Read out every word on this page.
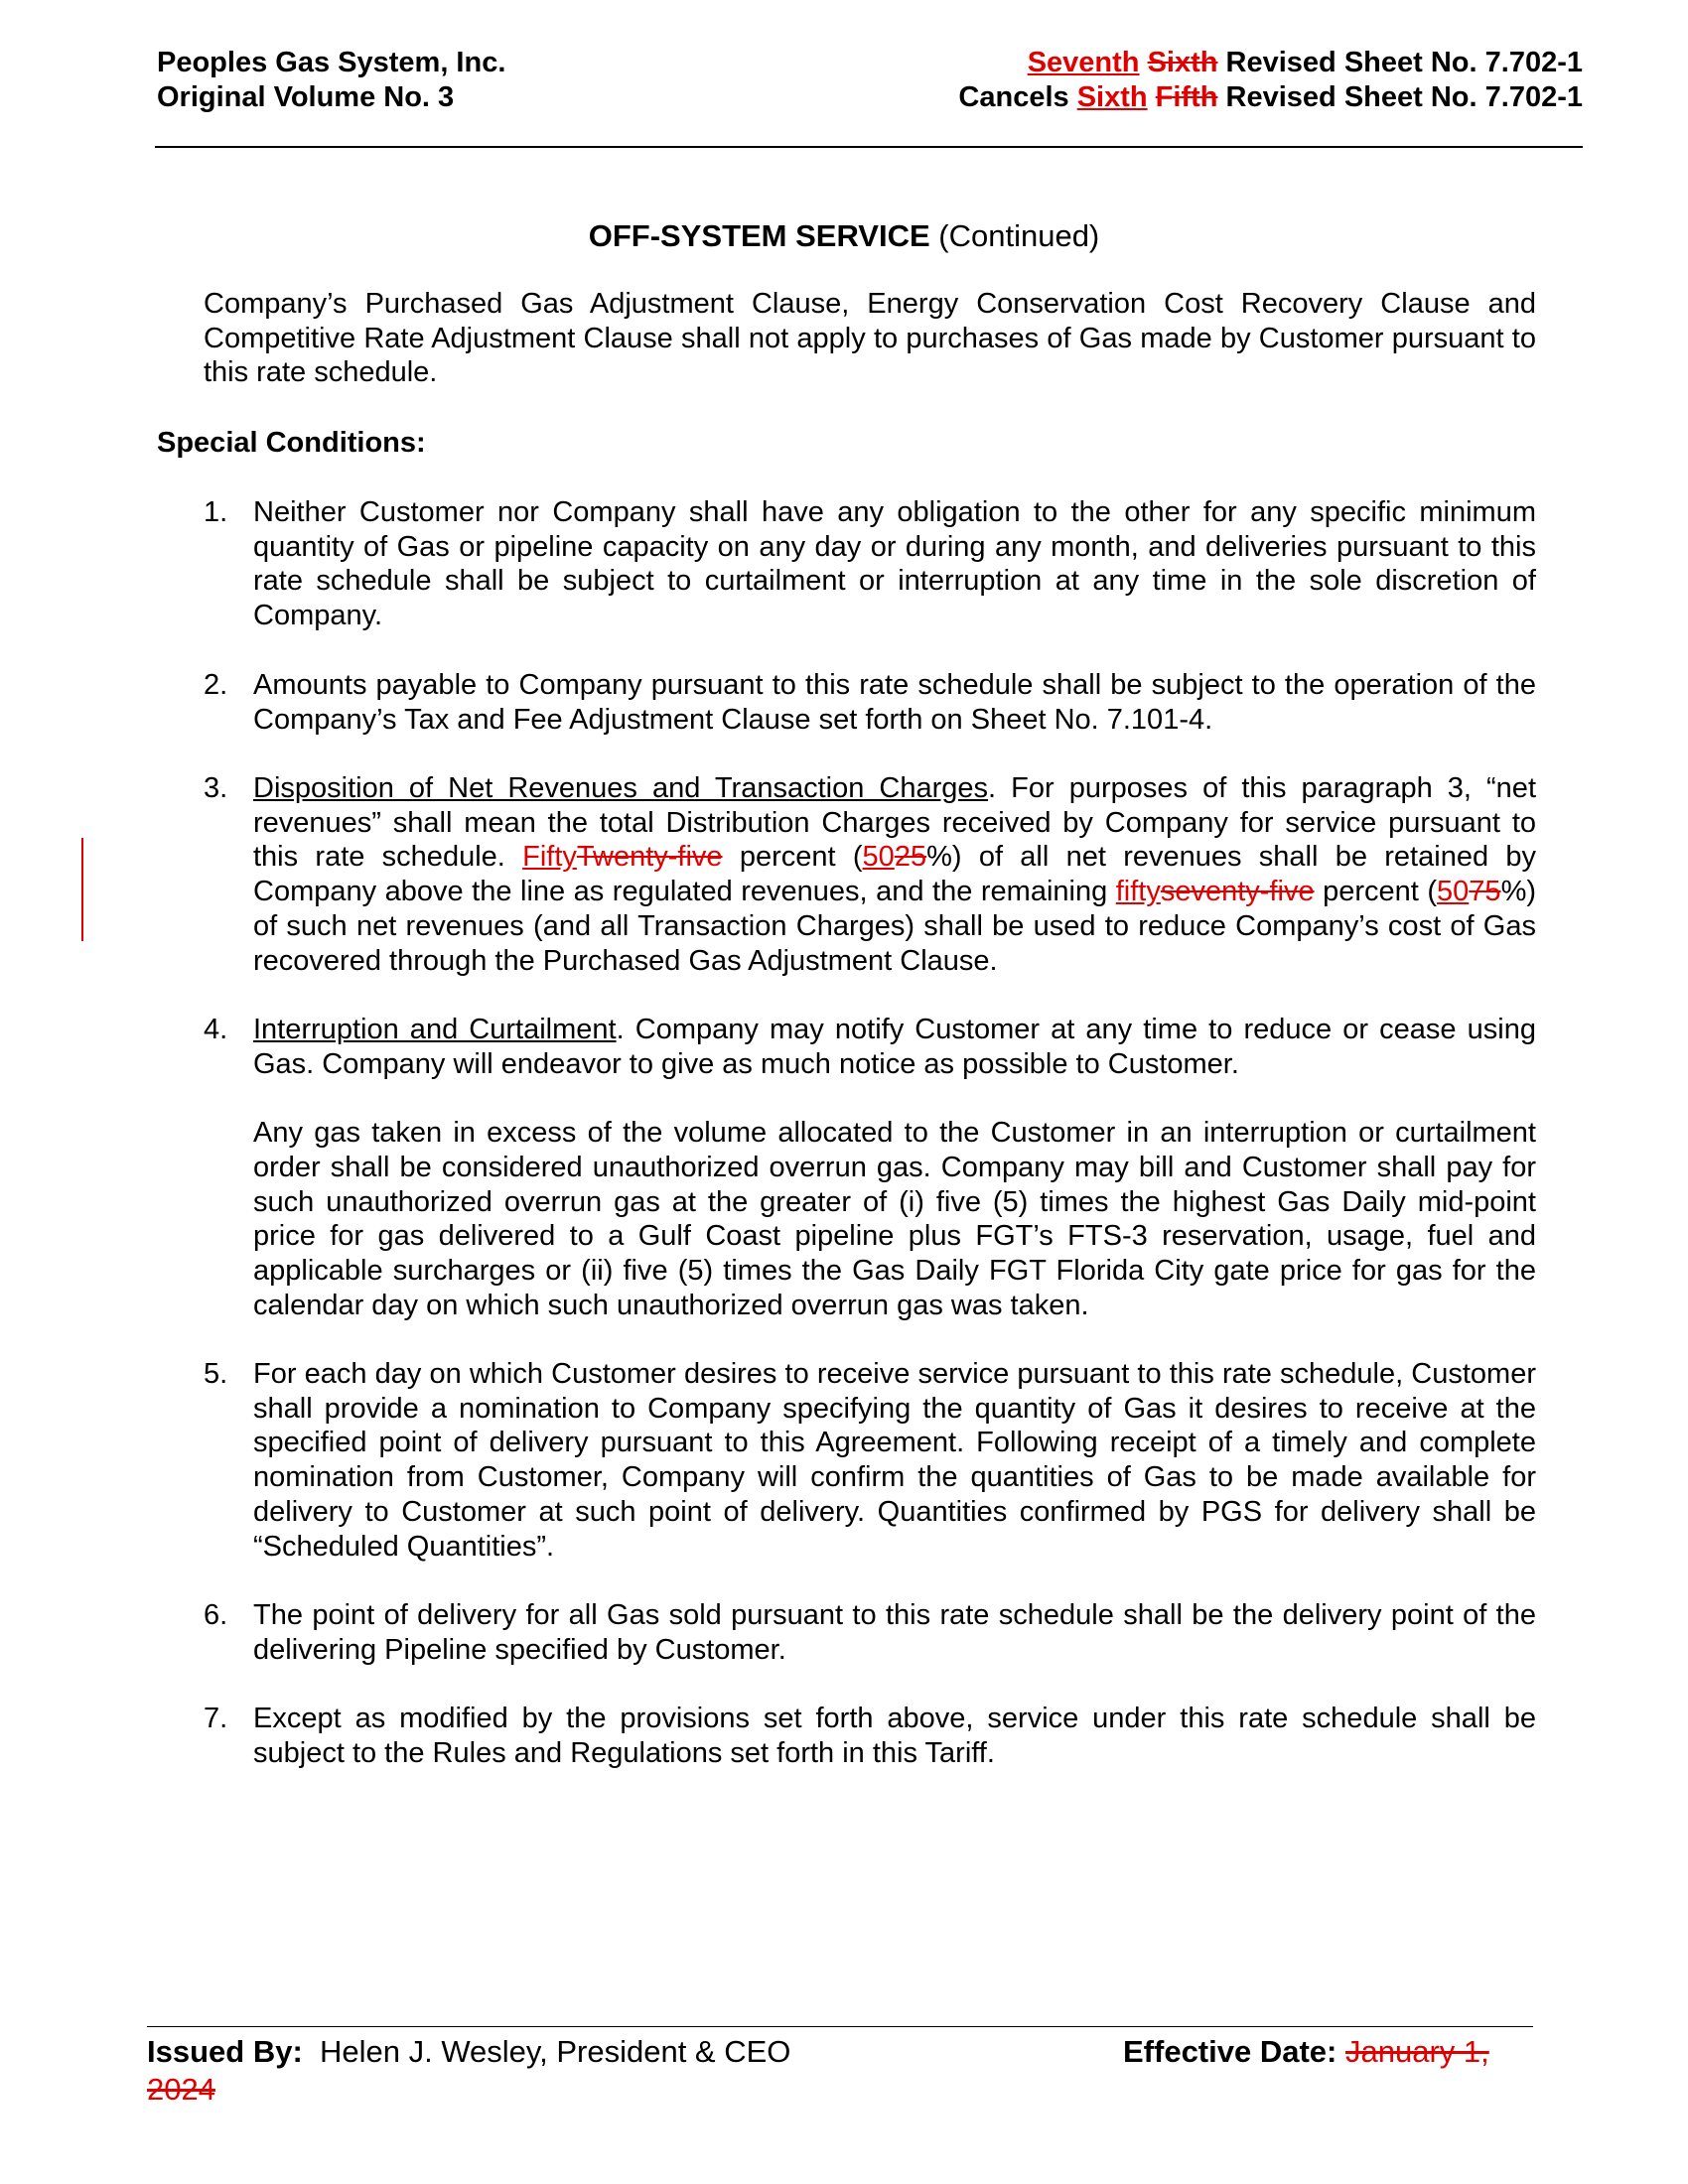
Peoples Gas System, Inc.
Original Volume No. 3
Seventh Sixth Revised Sheet No. 7.702-1
Cancels Sixth Fifth Revised Sheet No. 7.702-1
OFF-SYSTEM SERVICE (Continued)
Company’s Purchased Gas Adjustment Clause, Energy Conservation Cost Recovery Clause and Competitive Rate Adjustment Clause shall not apply to purchases of Gas made by Customer pursuant to this rate schedule.
Special Conditions:
1. Neither Customer nor Company shall have any obligation to the other for any specific minimum quantity of Gas or pipeline capacity on any day or during any month, and deliveries pursuant to this rate schedule shall be subject to curtailment or interruption at any time in the sole discretion of Company.
2. Amounts payable to Company pursuant to this rate schedule shall be subject to the operation of the Company’s Tax and Fee Adjustment Clause set forth on Sheet No. 7.101-4.
3. Disposition of Net Revenues and Transaction Charges. For purposes of this paragraph 3, “net revenues” shall mean the total Distribution Charges received by Company for service pursuant to this rate schedule. FiftyTwenty-five percent (5025%) of all net revenues shall be retained by Company above the line as regulated revenues, and the remaining fiftyseventy-five percent (5075%) of such net revenues (and all Transaction Charges) shall be used to reduce Company’s cost of Gas recovered through the Purchased Gas Adjustment Clause.
4. Interruption and Curtailment. Company may notify Customer at any time to reduce or cease using Gas. Company will endeavor to give as much notice as possible to Customer.
Any gas taken in excess of the volume allocated to the Customer in an interruption or curtailment order shall be considered unauthorized overrun gas. Company may bill and Customer shall pay for such unauthorized overrun gas at the greater of (i) five (5) times the highest Gas Daily mid-point price for gas delivered to a Gulf Coast pipeline plus FGT’s FTS-3 reservation, usage, fuel and applicable surcharges or (ii) five (5) times the Gas Daily FGT Florida City gate price for gas for the calendar day on which such unauthorized overrun gas was taken.
5. For each day on which Customer desires to receive service pursuant to this rate schedule, Customer shall provide a nomination to Company specifying the quantity of Gas it desires to receive at the specified point of delivery pursuant to this Agreement. Following receipt of a timely and complete nomination from Customer, Company will confirm the quantities of Gas to be made available for delivery to Customer at such point of delivery. Quantities confirmed by PGS for delivery shall be “Scheduled Quantities”.
6. The point of delivery for all Gas sold pursuant to this rate schedule shall be the delivery point of the delivering Pipeline specified by Customer.
7. Except as modified by the provisions set forth above, service under this rate schedule shall be subject to the Rules and Regulations set forth in this Tariff.
Issued By: Helen J. Wesley, President & CEO	Effective Date: January 1,
2024
